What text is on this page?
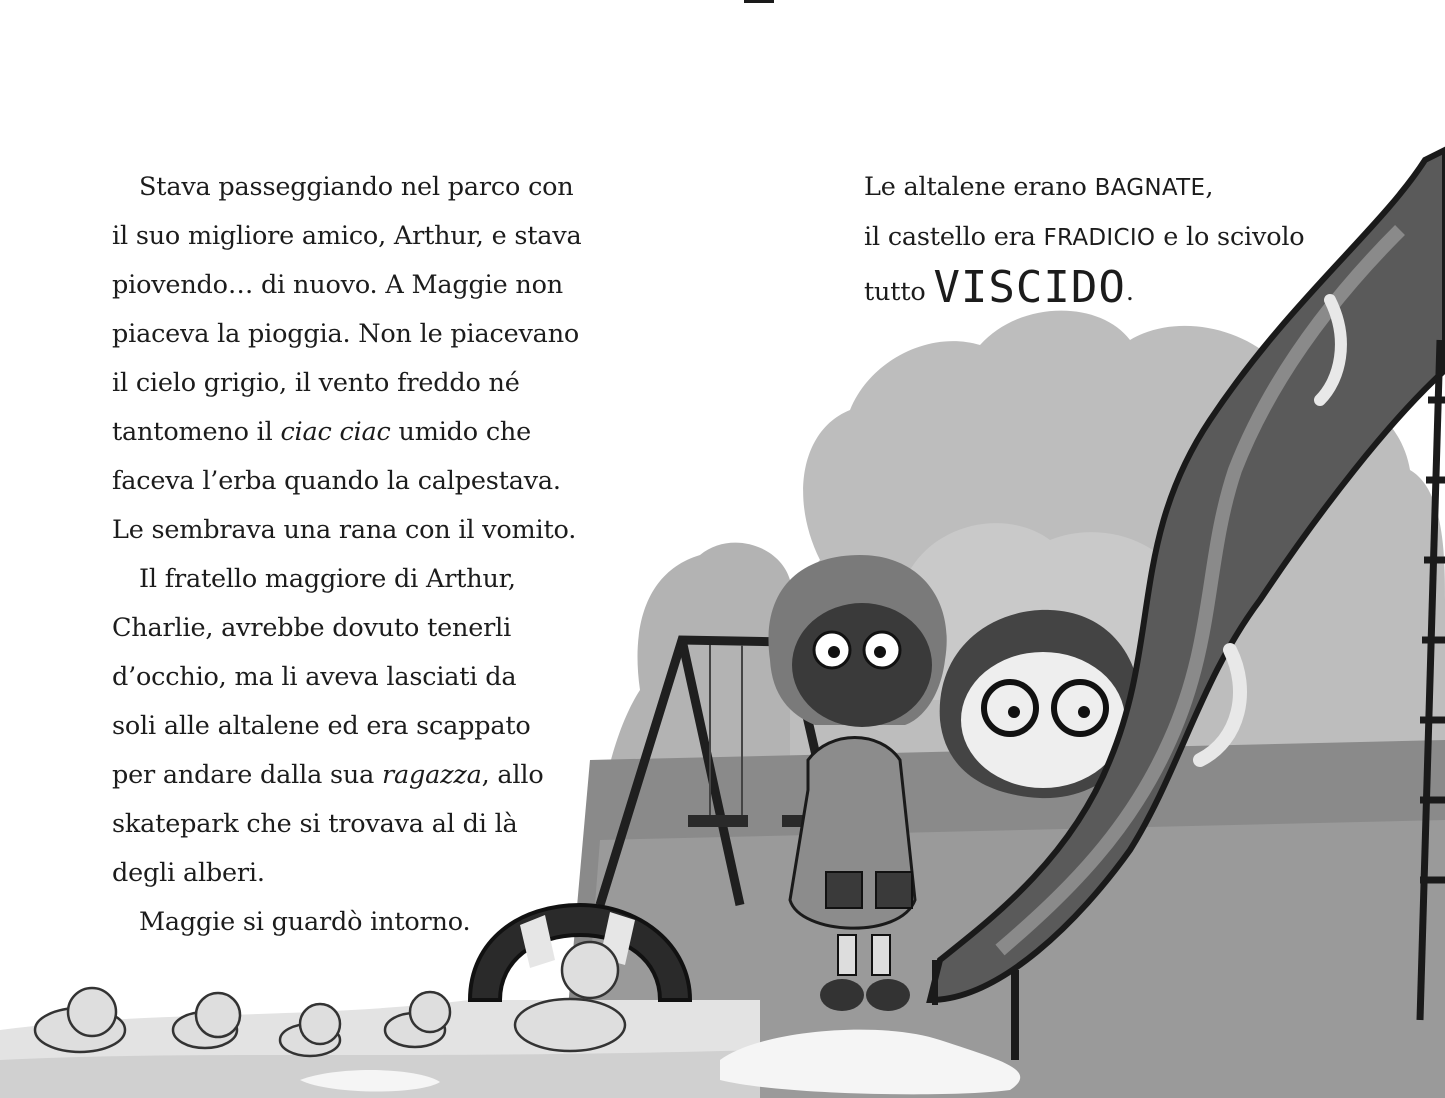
Stava passeggiando nel parco con
il suo migliore amico, Arthur, e stava
piovendo… di nuovo. A Maggie non
piaceva la pioggia. Non le piacevano
il cielo grigio, il vento freddo né
tantomeno il ciac ciac umido che
faceva l’erba quando la calpestava.
Le sembrava una rana con il vomito.
Il fratello maggiore di Arthur,
Charlie, avrebbe dovuto tenerli
d’occhio, ma li aveva lasciati da
soli alle altalene ed era scappato
per andare dalla sua ragazza, allo
skatepark che si trovava al di là
degli alberi.
Maggie si guardò intorno.
Le altalene erano BAGNATE,
il castello era FRADICIO e lo scivolo
tutto VISCIDO.
